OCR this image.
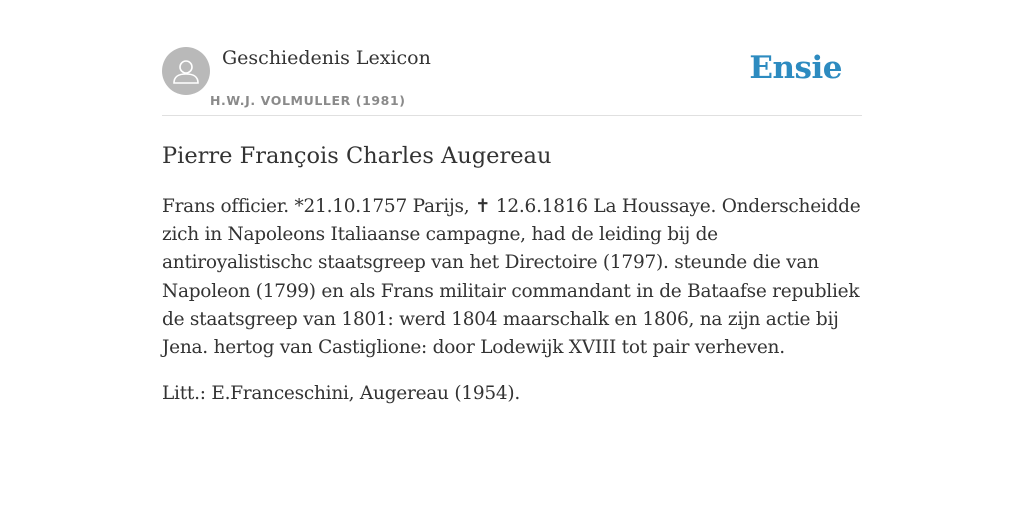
Geschiedenis Lexicon
H.W.J. VOLMULLER (1981)
Ensie
Pierre François Charles Augereau

Frans officier. *21.10.1757 Parijs, ✝ 12.6.1816 La Houssaye. Onderscheidde zich in Napoleons Italiaanse campagne, had de leiding bij de antiroyalistischc staatsgreep van het Directoire (1797). steunde die van Napoleon (1799) en als Frans militair commandant in de Bataafse republiek de staatsgreep van 1801: werd 1804 maarschalk en 1806, na zijn actie bij Jena. hertog van Castiglione: door Lodewijk XVIII tot pair verheven.

Litt.: E.Franceschini, Augereau (1954).
